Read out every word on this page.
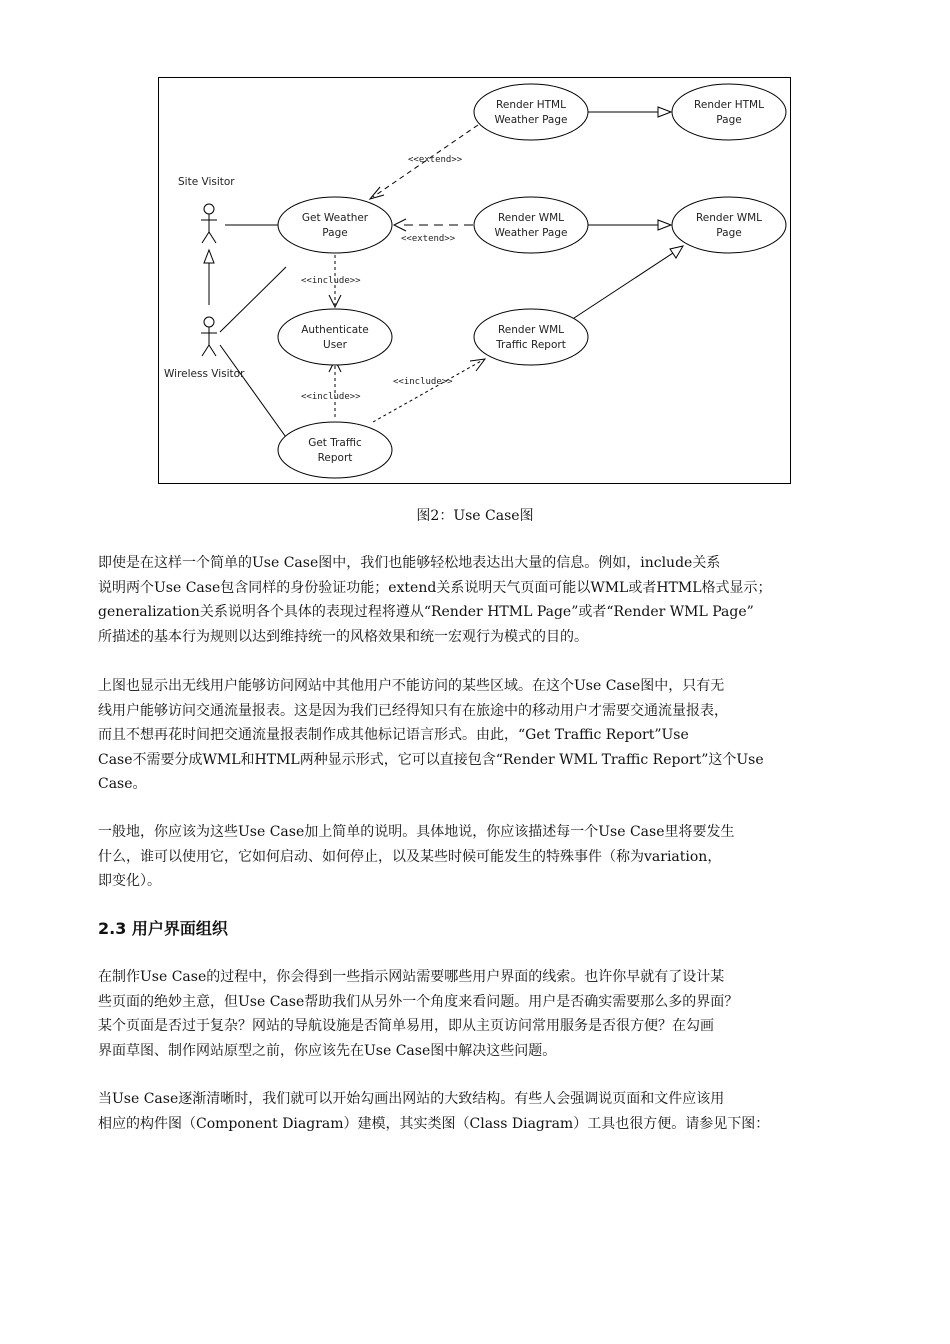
Site Visitor
Wireless Visitor
Render HTML
Weather Page
Render HTML
Page
Get Weather
Page
Render WML
Weather Page
Render WML
Page
Authenticate
User
Render WML
Traffic Report
Get Traffic
Report
<<extend>>
<<extend>>
<<include>>
<<include>>
<<include>>
图2：Use Case图

即使是在这样一个简单的Use Case图中，我们也能够轻松地表达出大量的信息。例如，include关系
说明两个Use Case包含同样的身份验证功能；extend关系说明天气页面可能以WML或者HTML格式显示；
generalization关系说明各个具体的表现过程将遵从“Render HTML Page”或者“Render WML Page”
所描述的基本行为规则以达到维持统一的风格效果和统一宏观行为模式的目的。

上图也显示出无线用户能够访问网站中其他用户不能访问的某些区域。在这个Use Case图中，只有无
线用户能够访问交通流量报表。这是因为我们已经得知只有在旅途中的移动用户才需要交通流量报表，
而且不想再花时间把交通流量报表制作成其他标记语言形式。由此，“Get Traffic Report”Use
Case不需要分成WML和HTML两种显示形式，它可以直接包含“Render WML Traffic Report”这个Use
Case。

一般地，你应该为这些Use Case加上简单的说明。具体地说，你应该描述每一个Use Case里将要发生
什么，谁可以使用它，它如何启动、如何停止，以及某些时候可能发生的特殊事件（称为variation，
即变化）。

2.3 用户界面组织

在制作Use Case的过程中，你会得到一些指示网站需要哪些用户界面的线索。也许你早就有了设计某
些页面的绝妙主意，但Use Case帮助我们从另外一个角度来看问题。用户是否确实需要那么多的界面？
某个页面是否过于复杂？网站的导航设施是否简单易用，即从主页访问常用服务是否很方便？在勾画
界面草图、制作网站原型之前，你应该先在Use Case图中解决这些问题。

当Use Case逐渐清晰时，我们就可以开始勾画出网站的大致结构。有些人会强调说页面和文件应该用
相应的构件图（Component Diagram）建模，其实类图（Class Diagram）工具也很方便。请参见下图：
